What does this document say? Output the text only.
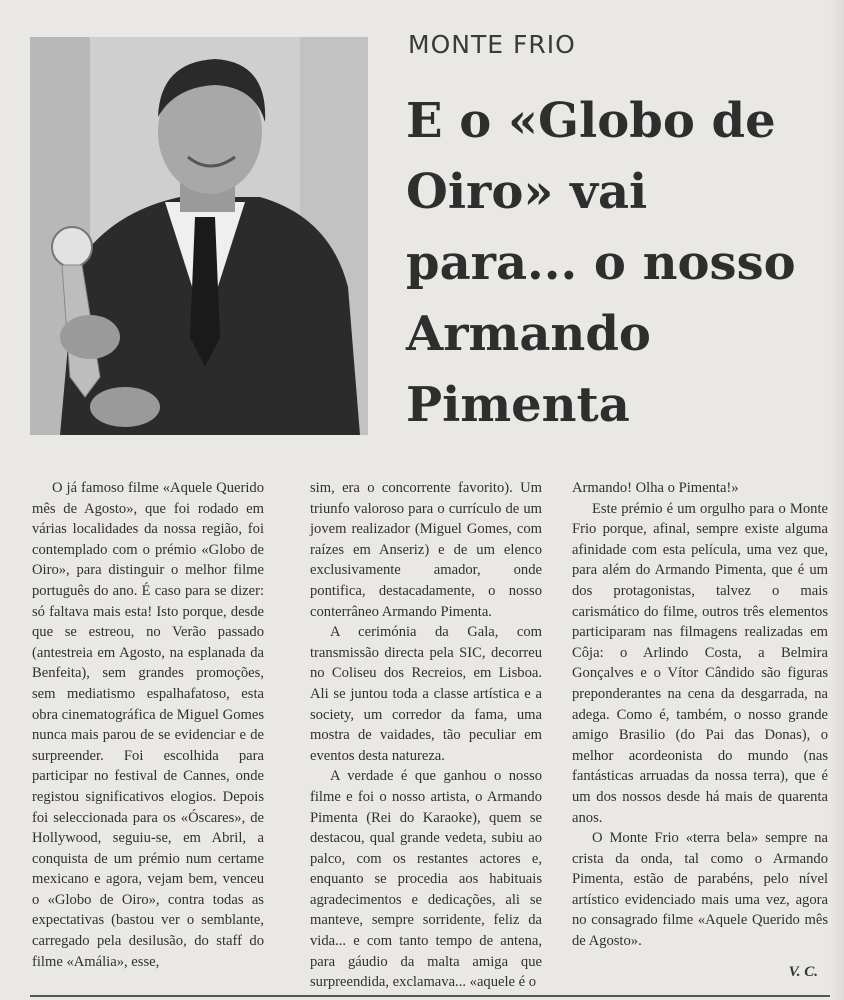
MONTE FRIO
E o «Globo de Oiro» vai para... o nosso Armando Pimenta

O já famoso filme «Aquele Querido mês de Agosto», que foi rodado em várias localidades da nossa região, foi contemplado com o prémio «Globo de Oiro», para distinguir o melhor filme português do ano. É caso para se dizer: só faltava mais esta! Isto porque, desde que se estreou, no Verão passado (antestreia em Agosto, na esplanada da Benfeita), sem grandes promoções, sem mediatismo espalhafatoso, esta obra cinematográfica de Miguel Gomes nunca mais parou de se evidenciar e de surpreender. Foi escolhida para participar no festival de Cannes, onde registou significativos elogios. Depois foi seleccionada para os «Óscares», de Hollywood, seguiu-se, em Abril, a conquista de um prémio num certame mexicano e agora, vejam bem, venceu o «Globo de Oiro», contra todas as expectativas (bastou ver o semblante, carregado pela desilusão, do staff do filme «Amália», esse,

sim, era o concorrente favorito). Um triunfo valoroso para o currículo de um jovem realizador (Miguel Gomes, com raízes em Anseriz) e de um elenco exclusivamente amador, onde pontifica, destacadamente, o nosso conterrâneo Armando Pimenta.

A cerimónia da Gala, com transmissão directa pela SIC, decorreu no Coliseu dos Recreios, em Lisboa. Ali se juntou toda a classe artística e a society, um corredor da fama, uma mostra de vaidades, tão peculiar em eventos desta natureza.

A verdade é que ganhou o nosso filme e foi o nosso artista, o Armando Pimenta (Rei do Karaoke), quem se destacou, qual grande vedeta, subiu ao palco, com os restantes actores e, enquanto se procedia aos habituais agradecimentos e dedicações, ali se manteve, sempre sorridente, feliz da vida... e com tanto tempo de antena, para gáudio da malta amiga que surpreendida, exclamava... «aquele é o

Armando! Olha o Pimenta!»

Este prémio é um orgulho para o Monte Frio porque, afinal, sempre existe alguma afinidade com esta película, uma vez que, para além do Armando Pimenta, que é um dos protagonistas, talvez o mais carismático do filme, outros três elementos participaram nas filmagens realizadas em Côja: o Arlindo Costa, a Belmira Gonçalves e o Vítor Cândido são figuras preponderantes na cena da desgarrada, na adega. Como é, também, o nosso grande amigo Brasilio (do Pai das Donas), o melhor acordeonista do mundo (nas fantásticas arruadas da nossa terra), que é um dos nossos desde há mais de quarenta anos.

O Monte Frio «terra bela» sempre na crista da onda, tal como o Armando Pimenta, estão de parabéns, pelo nível artístico evidenciado mais uma vez, agora no consagrado filme «Aquele Querido mês de Agosto».

V. C.
